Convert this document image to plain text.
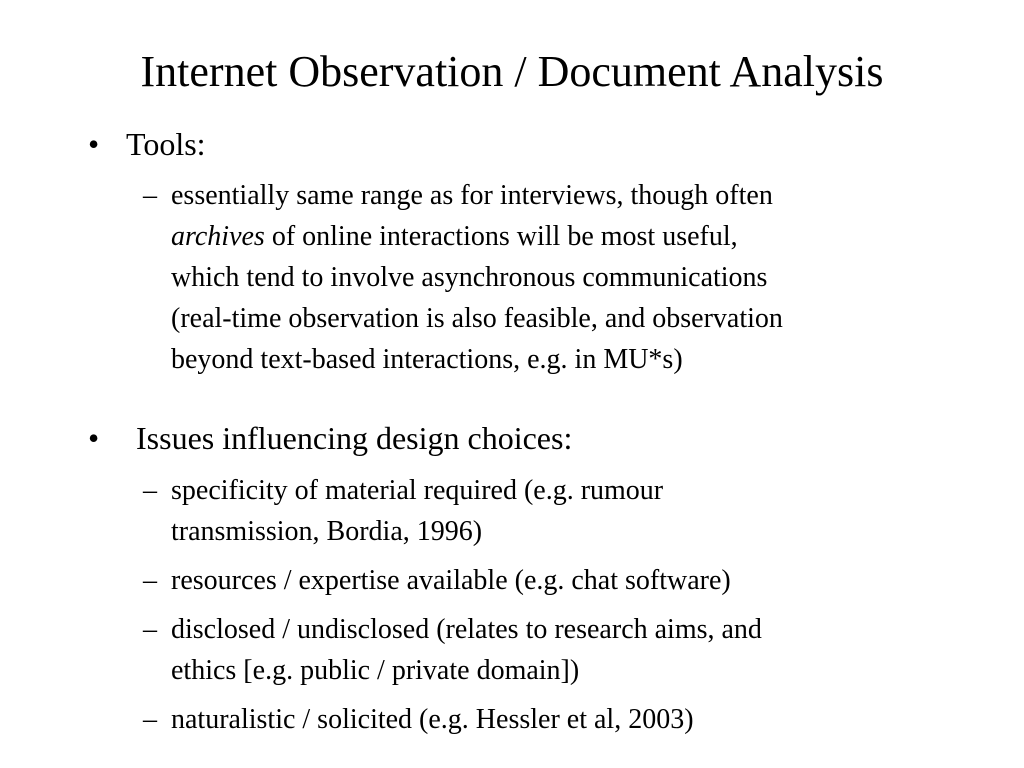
Internet Observation / Document Analysis
• Tools:
– essentially same range as for interviews, though often
archives of online interactions will be most useful,
which tend to involve asynchronous communications
(real-time observation is also feasible, and observation
beyond text-based interactions, e.g. in MU*s)
• Issues influencing design choices:
– specificity of material required (e.g. rumour
transmission, Bordia, 1996)
– resources / expertise available (e.g. chat software)
– disclosed / undisclosed (relates to research aims, and
ethics [e.g. public / private domain])
– naturalistic / solicited (e.g. Hessler et al, 2003)
